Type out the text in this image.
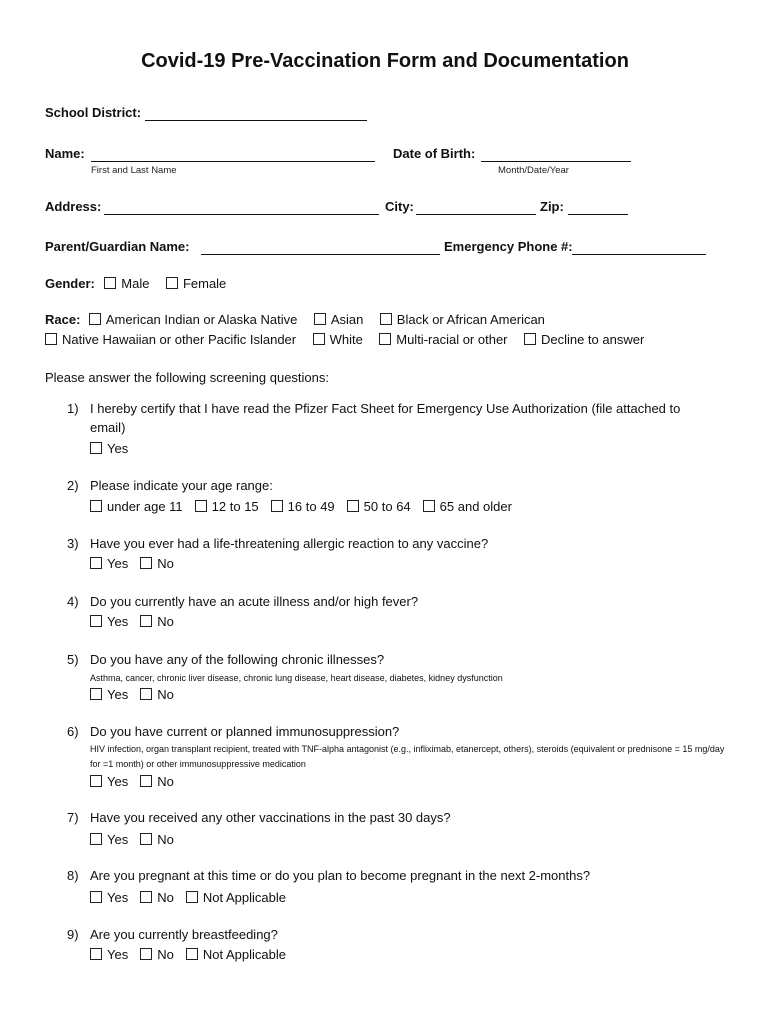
Covid-19 Pre-Vaccination Form and Documentation
School District:
Name:
First and Last Name
Date of Birth:
Month/Date/Year
Address:	City:	Zip:
Parent/Guardian Name:	Emergency Phone #:
Gender: Male	Female
Race: American Indian or Alaska Native	Asian	Black or African American
Native Hawaiian or other Pacific Islander	White	Multi-racial or other	Decline to answer
Please answer the following screening questions:
1) I hereby certify that I have read the Pfizer Fact Sheet for Emergency Use Authorization (file attached to
email)
Yes
2) Please indicate your age range:
under age 11 12 to 15 16 to 49 50 to 64 65 and older
3) Have you ever had a life-threatening allergic reaction to any vaccine?
Yes No
4) Do you currently have an acute illness and/or high fever?
Yes No
5) Do you have any of the following chronic illnesses?
Asthma, cancer, chronic liver disease, chronic lung disease, heart disease, diabetes, kidney dysfunction
Yes No
6) Do you have current or planned immunosuppression?
HIV infection, organ transplant recipient, treated with TNF-alpha antagonist (e.g., infliximab, etanercept, others), steroids (equivalent or prednisone = 15 mg/day for =1 month) or other immunosuppressive medication
Yes No
7) Have you received any other vaccinations in the past 30 days?
Yes No
8) Are you pregnant at this time or do you plan to become pregnant in the next 2-months?
Yes No Not Applicable
9) Are you currently breastfeeding?
Yes No Not Applicable
